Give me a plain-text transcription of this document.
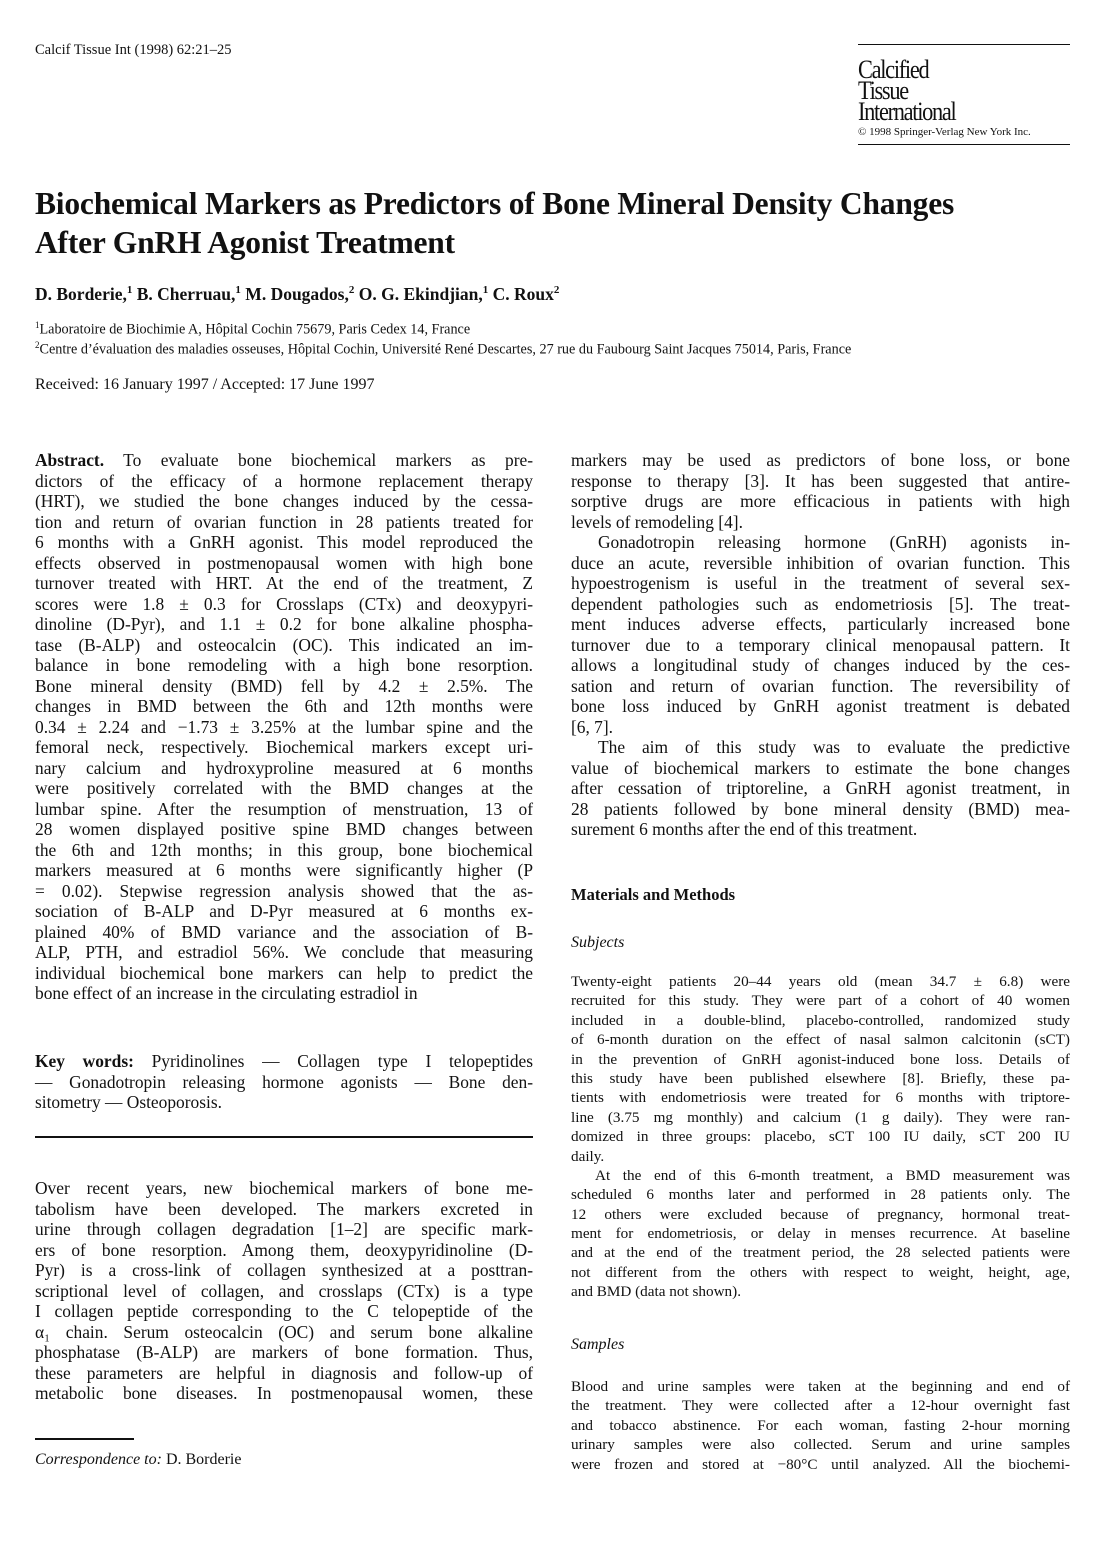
Calcif Tissue Int (1998) 62:21–25
Calcified
Tissue
International
© 1998 Springer-Verlag New York Inc.
Biochemical Markers as Predictors of Bone Mineral Density Changes
After GnRH Agonist Treatment
D. Borderie,$^1$ B. Cherruau,$^1$ M. Dougados,$^2$ O. G. Ekindjian,$^1$ C. Roux$^2$
$^1$Laboratoire de Biochimie A, Hôpital Cochin 75679, Paris Cedex 14, France
$^2$Centre d’évaluation des maladies osseuses, Hôpital Cochin, Université René Descartes, 27 rue du Faubourg Saint Jacques 75014, Paris, France
Received: 16 January 1997 / Accepted: 17 June 1997
Abstract. To evaluate bone biochemical markers as pre-
dictors of the efficacy of a hormone replacement therapy
(HRT), we studied the bone changes induced by the cessa-
tion and return of ovarian function in 28 patients treated for
6 months with a GnRH agonist. This model reproduced the
effects observed in postmenopausal women with high bone
turnover treated with HRT. At the end of the treatment, Z
scores were 1.8 ± 0.3 for Crosslaps (CTx) and deoxypyri-
dinoline (D-Pyr), and 1.1 ± 0.2 for bone alkaline phospha-
tase (B-ALP) and osteocalcin (OC). This indicated an im-
balance in bone remodeling with a high bone resorption.
Bone mineral density (BMD) fell by 4.2 ± 2.5%. The
changes in BMD between the 6th and 12th months were
0.34 ± 2.24 and −1.73 ± 3.25% at the lumbar spine and the
femoral neck, respectively. Biochemical markers except uri-
nary calcium and hydroxyproline measured at 6 months
were positively correlated with the BMD changes at the
lumbar spine. After the resumption of menstruation, 13 of
28 women displayed positive spine BMD changes between
the 6th and 12th months; in this group, bone biochemical
markers measured at 6 months were significantly higher (P
= 0.02). Stepwise regression analysis showed that the as-
sociation of B-ALP and D-Pyr measured at 6 months ex-
plained 40% of BMD variance and the association of B-
ALP, PTH, and estradiol 56%. We conclude that measuring
individual biochemical bone markers can help to predict the
bone effect of an increase in the circulating estradiol in
Key words: Pyridinolines — Collagen type I telopeptides
— Gonadotropin releasing hormone agonists — Bone den-
sitometry — Osteoporosis.
Over recent years, new biochemical markers of bone me-
tabolism have been developed. The markers excreted in
urine through collagen degradation [1–2] are specific mark-
ers of bone resorption. Among them, deoxypyridinoline (D-
Pyr) is a cross-link of collagen synthesized at a posttran-
scriptional level of collagen, and crosslaps (CTx) is a type
I collagen peptide corresponding to the C telopeptide of the
α₁ chain. Serum osteocalcin (OC) and serum bone alkaline
phosphatase (B-ALP) are markers of bone formation. Thus,
these parameters are helpful in diagnosis and follow-up of
metabolic bone diseases. In postmenopausal women, these
Correspondence to: D. Borderie
markers may be used as predictors of bone loss, or bone
response to therapy [3]. It has been suggested that antire-
sorptive drugs are more efficacious in patients with high
levels of remodeling [4].
Gonadotropin releasing hormone (GnRH) agonists in-
duce an acute, reversible inhibition of ovarian function. This
hypoestrogenism is useful in the treatment of several sex-
dependent pathologies such as endometriosis [5]. The treat-
ment induces adverse effects, particularly increased bone
turnover due to a temporary clinical menopausal pattern. It
allows a longitudinal study of changes induced by the ces-
sation and return of ovarian function. The reversibility of
bone loss induced by GnRH agonist treatment is debated
[6, 7].
The aim of this study was to evaluate the predictive
value of biochemical markers to estimate the bone changes
after cessation of triptoreline, a GnRH agonist treatment, in
28 patients followed by bone mineral density (BMD) mea-
surement 6 months after the end of this treatment.
Materials and Methods
Subjects
Twenty-eight patients 20–44 years old (mean 34.7 ± 6.8) were
recruited for this study. They were part of a cohort of 40 women
included in a double-blind, placebo-controlled, randomized study
of 6-month duration on the effect of nasal salmon calcitonin (sCT)
in the prevention of GnRH agonist-induced bone loss. Details of
this study have been published elsewhere [8]. Briefly, these pa-
tients with endometriosis were treated for 6 months with triptore-
line (3.75 mg monthly) and calcium (1 g daily). They were ran-
domized in three groups: placebo, sCT 100 IU daily, sCT 200 IU
daily.
At the end of this 6-month treatment, a BMD measurement was
scheduled 6 months later and performed in 28 patients only. The
12 others were excluded because of pregnancy, hormonal treat-
ment for endometriosis, or delay in menses recurrence. At baseline
and at the end of the treatment period, the 28 selected patients were
not different from the others with respect to weight, height, age,
and BMD (data not shown).
Samples
Blood and urine samples were taken at the beginning and end of
the treatment. They were collected after a 12-hour overnight fast
and tobacco abstinence. For each woman, fasting 2-hour morning
urinary samples were also collected. Serum and urine samples
were frozen and stored at −80°C until analyzed. All the biochemi-
